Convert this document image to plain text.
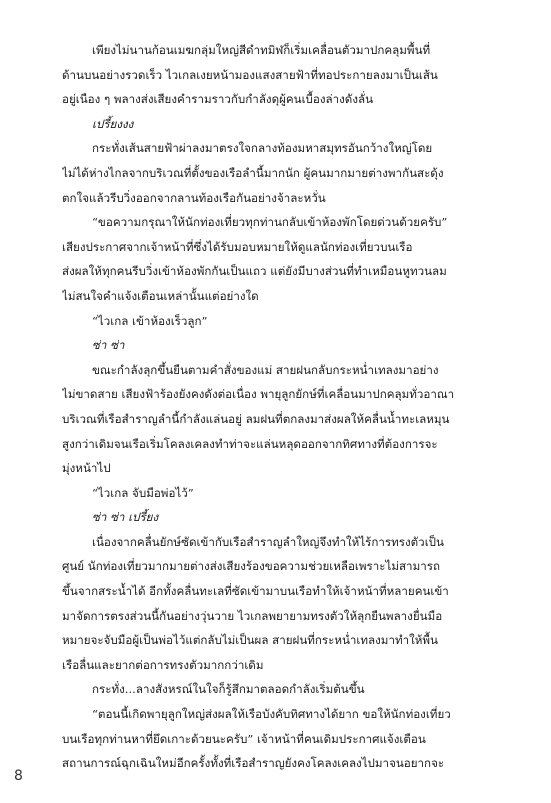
เพียงไม่นานก้อนเมฆกลุ่มใหญ่สีดำทมิฬก็เริ่มเคลื่อนตัวมาปกคลุมพื้นที่
ด้านบนอย่างรวดเร็ว ไวเกลเงยหน้ามองแสงสายฟ้าที่ทอประกายลงมาเป็นเส้น
อยู่เนือง ๆ พลางส่งเสียงคำรามราวกับกำลังดุผู้คนเบื้องล่างดังลั่น
เปรี้ยงงง
กระทั่งเส้นสายฟ้าผ่าลงมาตรงใจกลางท้องมหาสมุทรอันกว้างใหญ่โดย
ไม่ได้ห่างไกลจากบริเวณที่ตั้งของเรือลำนี้มากนัก ผู้คนมากมายต่างพากันสะดุ้ง
ตกใจแล้วรีบวิ่งออกจากลานท้องเรือกันอย่างจ้าละหวั่น
“ขอความกรุณาให้นักท่องเที่ยวทุกท่านกลับเข้าห้องพักโดยด่วนด้วยครับ”
เสียงประกาศจากเจ้าหน้าที่ซึ่งได้รับมอบหมายให้ดูแลนักท่องเที่ยวบนเรือ
ส่งผลให้ทุกคนรีบวิ่งเข้าห้องพักกันเป็นแถว แต่ยังมีบางส่วนที่ทำเหมือนหูทวนลม
ไม่สนใจคำแจ้งเตือนเหล่านั้นแต่อย่างใด
“ไวเกล เข้าห้องเร็วลูก”
ซ่า ซ่า
ขณะกำลังลุกขึ้นยืนตามคำสั่งของแม่ สายฝนกลับกระหน่ำเทลงมาอย่าง
ไม่ขาดสาย เสียงฟ้าร้องยังคงดังต่อเนื่อง พายุลูกยักษ์ที่เคลื่อนมาปกคลุมทั่วอาณา
บริเวณที่เรือสำราญลำนี้กำลังแล่นอยู่ ลมฝนที่ตกลงมาส่งผลให้คลื่นน้ำทะเลหมุน
สูงกว่าเดิมจนเรือเริ่มโคลงเคลงทำท่าจะแล่นหลุดออกจากทิศทางที่ต้องการจะ
มุ่งหน้าไป
“ไวเกล จับมือพ่อไว้”
ซ่า ซ่า เปรี้ยง
เนื่องจากคลื่นยักษ์ซัดเข้ากับเรือสำราญลำใหญ่จึงทำให้ไร้การทรงตัวเป็น
ศูนย์ นักท่องเที่ยวมากมายต่างส่งเสียงร้องขอความช่วยเหลือเพราะไม่สามารถ
ขึ้นจากสระน้ำได้ อีกทั้งคลื่นทะเลที่ซัดเข้ามาบนเรือทำให้เจ้าหน้าที่หลายคนเข้า
มาจัดการตรงส่วนนี้กันอย่างวุ่นวาย ไวเกลพยายามทรงตัวให้ลุกยืนพลางยื่นมือ
หมายจะจับมือผู้เป็นพ่อไว้แต่กลับไม่เป็นผล สายฝนที่กระหน่ำเทลงมาทำให้พื้น
เรือลื่นและยากต่อการทรงตัวมากกว่าเดิม
กระทั่ง...ลางสังหรณ์ในใจก็รู้สึกมาตลอดกำลังเริ่มต้นขึ้น
“ตอนนี้เกิดพายุลูกใหญ่ส่งผลให้เรือบังคับทิศทางได้ยาก ขอให้นักท่องเที่ยว
บนเรือทุกท่านหาที่ยึดเกาะด้วยนะครับ” เจ้าหน้าที่คนเดิมประกาศแจ้งเตือน
สถานการณ์ฉุกเฉินใหม่อีกครั้งทั้งที่เรือสำราญยังคงโคลงเคลงไปมาจนอยากจะ
8
